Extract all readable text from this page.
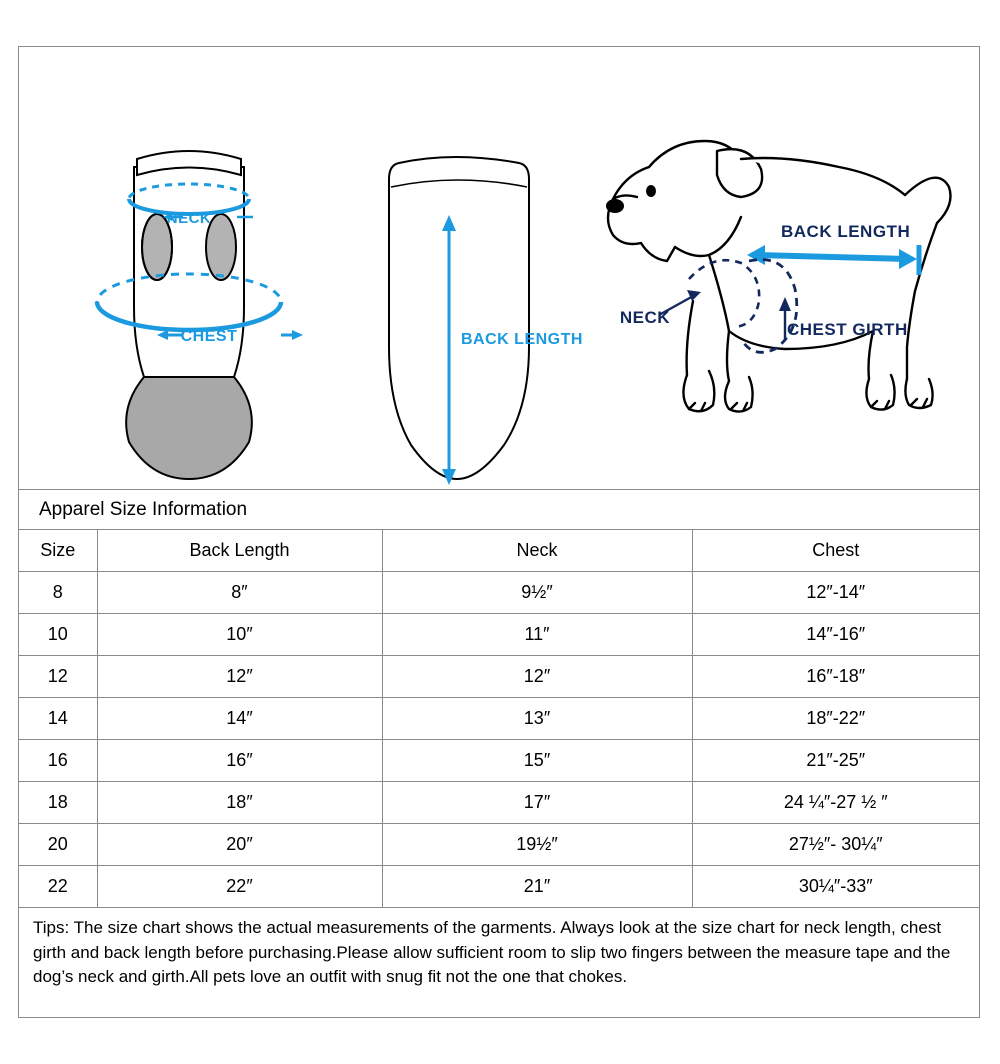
NECK
CHEST	BACK LENGTH
BACK LENGTH
NECK
CHEST GIRTH
Apparel Size Information
Size	Back Length	Neck	Chest
8	8″	9½″	12″-14″
10	10″	11″	14″-16″
12	12″	12″	16″-18″
14	14″	13″	18″-22″
16	16″	15″	21″-25″
18	18″	17″	24 ¼″-27 ½ ″
20	20″	19½″	27½″- 30¼″
22	22″	21″	30¼″-33″
Tips: The size chart shows the actual measurements of the garments. Always look at the size chart for neck length, chest girth and back length before purchasing.Please allow sufficient room to slip two fingers between the measure tape and the dog’s neck and girth.All pets love an outfit with snug fit not the one that chokes.
